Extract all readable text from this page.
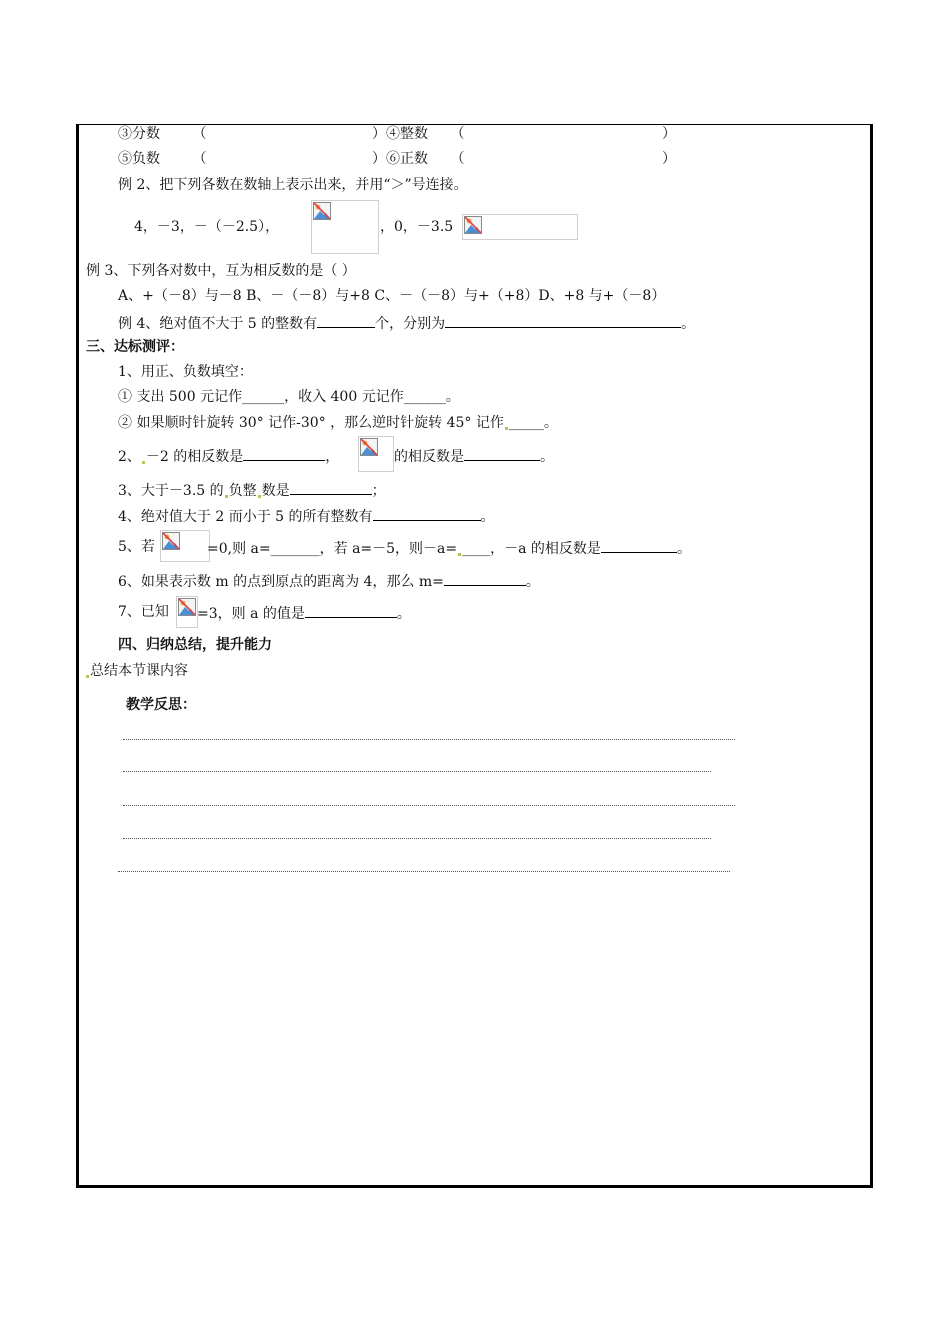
③分数 （	）④整数 （	）
⑤负数 （	）⑥正数 （	）
例 2、把下列各数在数轴上表示出来，并用“＞”号连接。
4，－3，－（－2.5），	，0，－3.5
例 3、下列各对数中，互为相反数的是（ ）
A、+（－8）与－8 B、－（－8）与+8 C、－（－8）与+（+8）D、+8 与+（－8）
例 4、绝对值不大于 5 的整数有	个，分别为	。
三、达标测评：
1、用正、负数填空：
① 支出 500 元记作______，收入 400 元记作______。
② 如果顺时针旋转 30° 记作-30° ，那么逆时针旋转 45° 记作 _____。
2、 －2 的相反数是	，	的相反数是	。
3、大于－3.5 的 负整 数是	；
4、绝对值大于 2 而小于 5 的所有整数有	。
5、若	=0,则 a=_______，若 a=－5，则－a= ____，－a 的相反数是	。
6、如果表示数 m 的点到原点的距离为 4，那么 m=	。
7、已知 =3，则 a 的值是	。
四、归纳总结，提升能力
总结本节课内容
教学反思：
